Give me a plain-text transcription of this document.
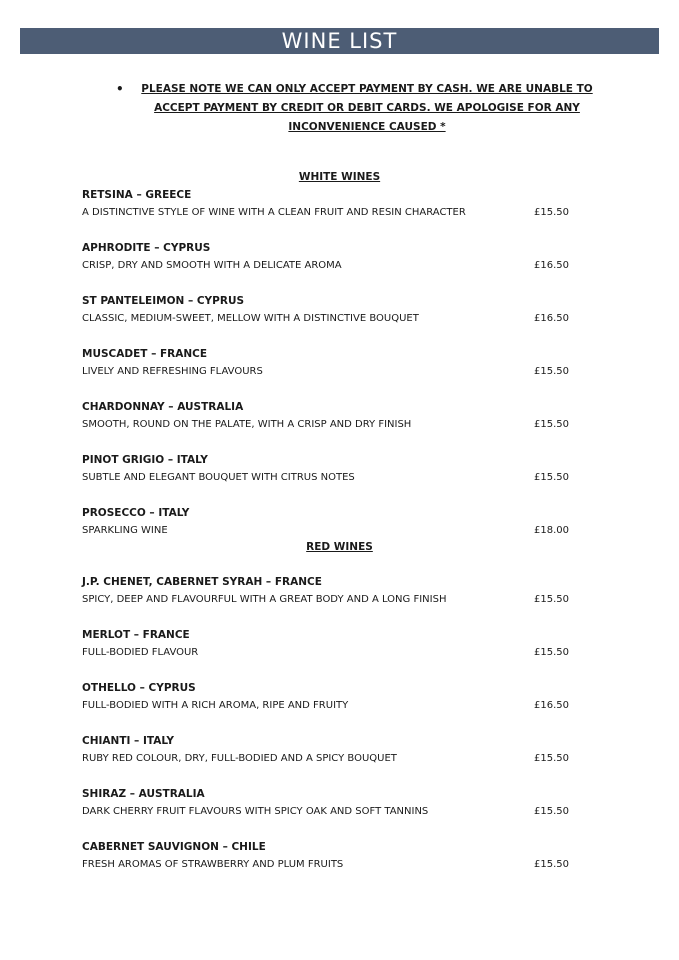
WINE LIST
•	PLEASE NOTE WE CAN ONLY ACCEPT PAYMENT BY CASH. WE ARE UNABLE TO ACCEPT PAYMENT BY CREDIT OR DEBIT CARDS. WE APOLOGISE FOR ANY INCONVENIENCE CAUSED *
WHITE WINES
RETSINA – GREECE
A DISTINCTIVE STYLE OF WINE WITH A CLEAN FRUIT AND RESIN CHARACTER	£15.50
APHRODITE – CYPRUS
CRISP, DRY AND SMOOTH WITH A DELICATE AROMA	£16.50
ST PANTELEIMON – CYPRUS
CLASSIC, MEDIUM-SWEET, MELLOW WITH A DISTINCTIVE BOUQUET	£16.50
MUSCADET – FRANCE
LIVELY AND REFRESHING FLAVOURS	£15.50
CHARDONNAY – AUSTRALIA
SMOOTH, ROUND ON THE PALATE, WITH A CRISP AND DRY FINISH	£15.50
PINOT GRIGIO – ITALY
SUBTLE AND ELEGANT BOUQUET WITH CITRUS NOTES	£15.50
PROSECCO – ITALY
SPARKLING WINE	£18.00
RED WINES
J.P. CHENET, CABERNET SYRAH – FRANCE
SPICY, DEEP AND FLAVOURFUL WITH A GREAT BODY AND A LONG FINISH	£15.50
MERLOT – FRANCE
FULL-BODIED FLAVOUR	£15.50
OTHELLO – CYPRUS
FULL-BODIED WITH A RICH AROMA, RIPE AND FRUITY	£16.50
CHIANTI – ITALY
RUBY RED COLOUR, DRY, FULL-BODIED AND A SPICY BOUQUET	£15.50
SHIRAZ – AUSTRALIA
DARK CHERRY FRUIT FLAVOURS WITH SPICY OAK AND SOFT TANNINS	£15.50
CABERNET SAUVIGNON – CHILE
FRESH AROMAS OF STRAWBERRY AND PLUM FRUITS	£15.50
